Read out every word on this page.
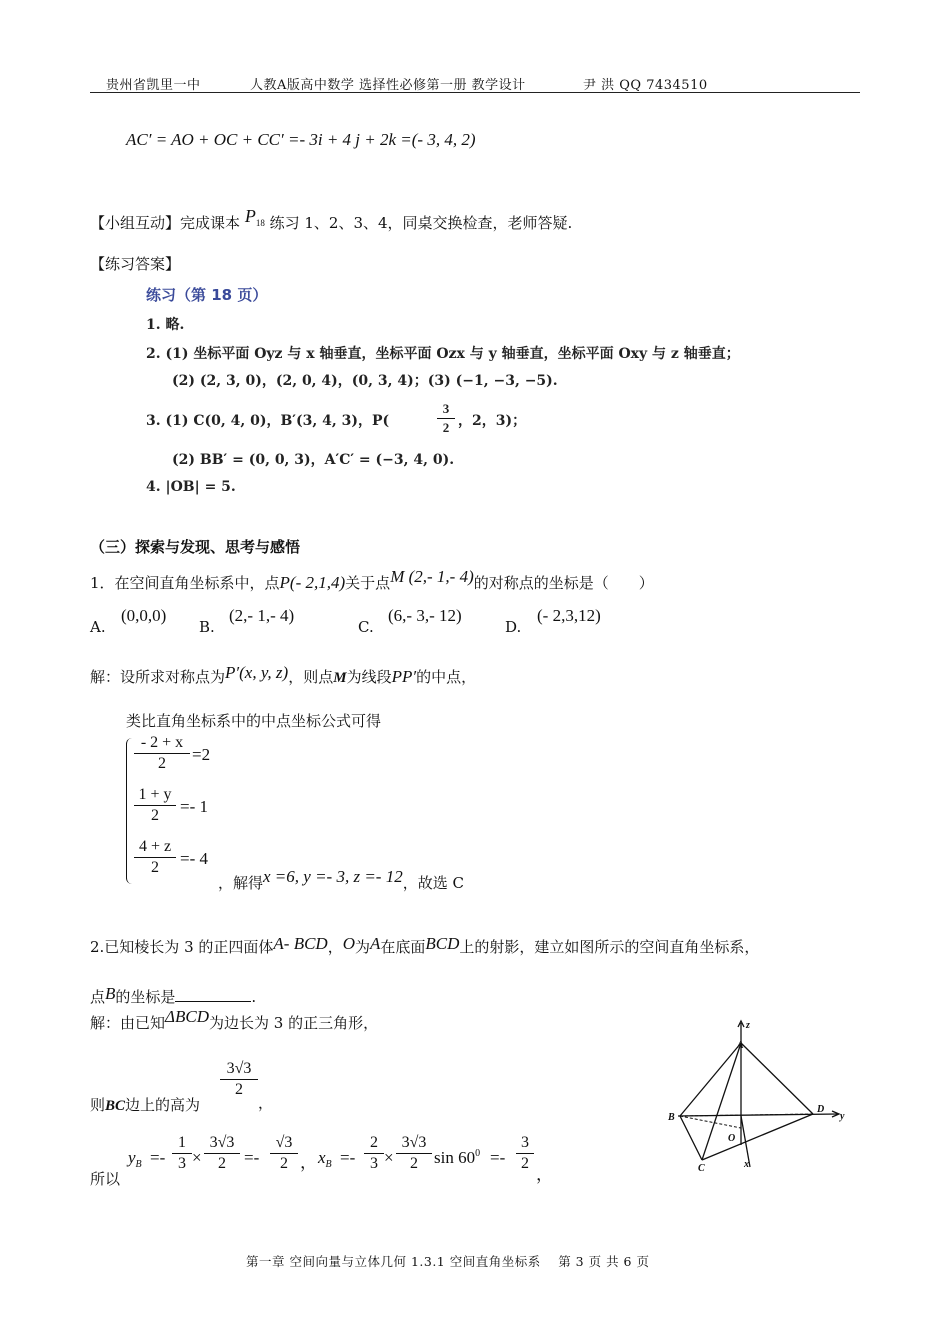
贵州省凯里一中	人教A版高中数学 选择性必修第一册 教学设计	尹 洪 QQ 7434510
AC′ = AO + OC + CC′ =- 3i + 4 j + 2k =(- 3, 4, 2)
【小组互动】完成课本 P18 练习 1、2、3、4，同桌交换检查，老师答疑.
【练习答案】
练习（第 18 页）
1. 略.
2. (1) 坐标平面 Oyz 与 x 轴垂直，坐标平面 Ozx 与 y 轴垂直，坐标平面 Oxy 与 z 轴垂直；
(2) (2, 3, 0)，(2, 0, 4)，(0, 3, 4)；(3) (−1, −3, −5).
3. (1) C(0, 4, 0)，B′(3, 4, 3)，P(
3
2 ，2，3)；
(2) BB′ = (0, 0, 3)，A′C′ = (−3, 4, 0).
4. |OB| = 5.
（三）探索与发现、思考与感悟
1．在空间直角坐标系中，点P(- 2,1,4)关于点M (2,- 1,- 4)的对称点的坐标是（　　）
A.
(0,0,0)
B.
(2,- 1,- 4)
C.
(6,- 3,- 12)
D.
(- 2,3,12)
解：设所求对称点为P′(x, y, z)，则点M为线段PP′的中点，
类比直角坐标系中的中点坐标公式可得
- 2 + x
2	=2
1 + y
2	=- 1
4 + z
2	=- 4
，解得x =6, y =- 3, z =- 12，故选 C
2.已知棱长为 3 的正四面体A- BCD，O为A在底面BCD上的射影，建立如图所示的空间直角坐标系，
点B的坐标是	.
解：由已知ΔBCD为边长为 3 的正三角形，
则BC边上的高为
3√3
2
，
所以
$y_B$ =-
1
3 ×
3√3
2	=-
√3
2 ， $x_B$ =-
2
3 ×
3√3
2 $\sin 60^0$ =-
3
2
，
z
A
B
D
y
O
C	x
第一章 空间向量与立体几何 1.3.1 空间直角坐标系　 第 3 页 共 6 页
